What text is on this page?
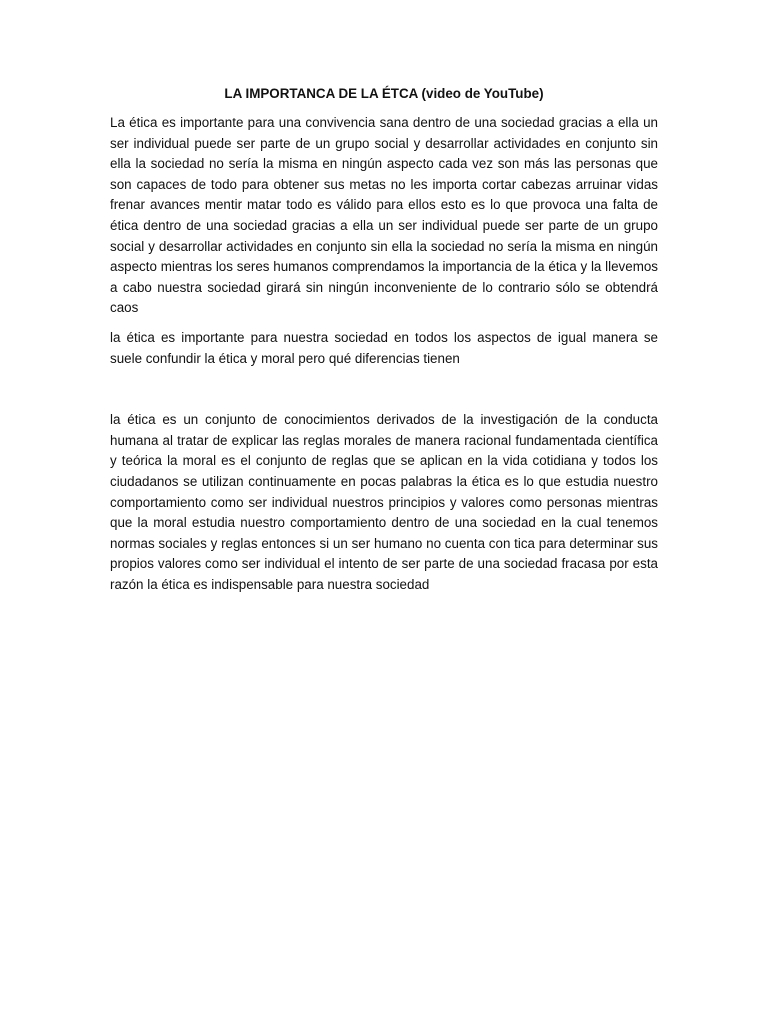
LA IMPORTANCA DE LA ÉTCA (video de YouTube)

La ética es importante para una convivencia sana dentro de una sociedad gracias a ella un ser individual puede ser parte de un grupo social y desarrollar actividades en conjunto sin ella la sociedad no sería la misma en ningún aspecto cada vez son más las personas que son capaces de todo para obtener sus metas no les importa cortar cabezas arruinar vidas frenar avances mentir matar todo es válido para ellos esto es lo que provoca una falta de ética dentro de una sociedad gracias a ella un ser individual puede ser parte de un grupo social y desarrollar actividades en conjunto sin ella la sociedad no sería la misma en ningún aspecto mientras los seres humanos comprendamos la importancia de la ética y la llevemos a cabo nuestra sociedad girará sin ningún inconveniente de lo contrario sólo se obtendrá caos

la ética es importante para nuestra sociedad en todos los aspectos de igual manera se suele confundir la ética y moral pero qué diferencias tienen

la ética es un conjunto de conocimientos derivados de la investigación de la conducta humana al tratar de explicar las reglas morales de manera racional fundamentada científica y teórica la moral es el conjunto de reglas que se aplican en la vida cotidiana y todos los ciudadanos se utilizan continuamente en pocas palabras la ética es lo que estudia nuestro comportamiento como ser individual nuestros principios y valores como personas mientras que la moral estudia nuestro comportamiento dentro de una sociedad en la cual tenemos normas sociales y reglas entonces si un ser humano no cuenta con tica para determinar sus propios valores como ser individual el intento de ser parte de una sociedad fracasa por esta razón la ética es indispensable para nuestra sociedad
